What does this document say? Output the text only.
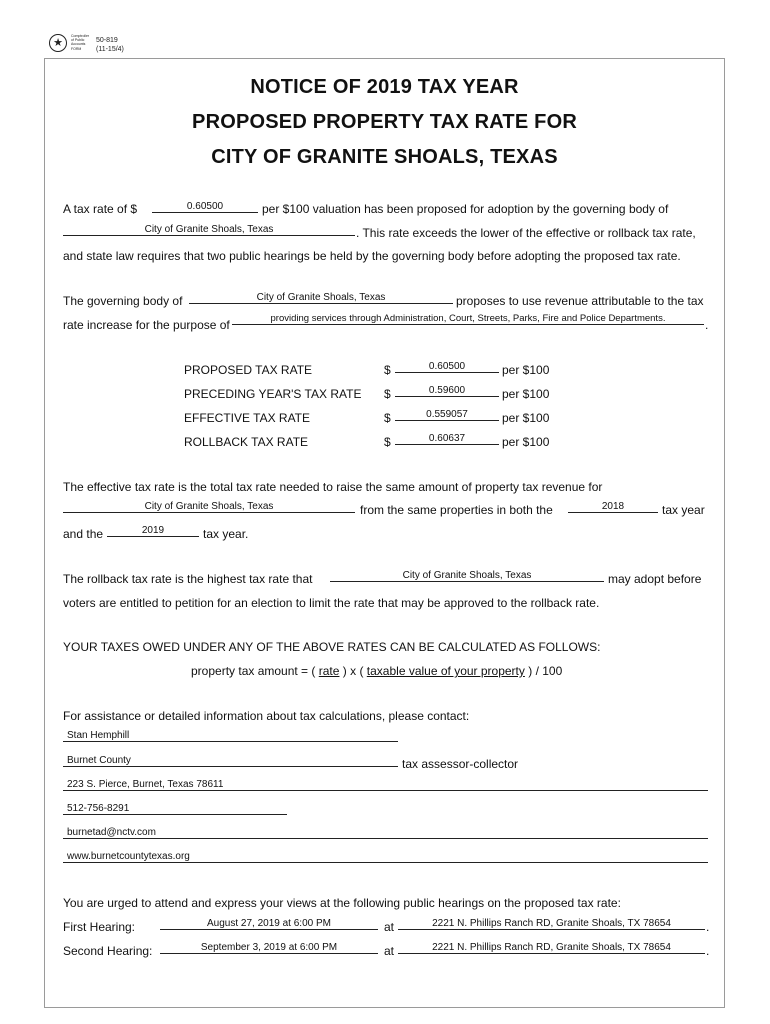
★
Comptroller
of Public
Accounts
FORM
50-819
(11-15/4)
NOTICE OF 2019 TAX YEAR
PROPOSED PROPERTY TAX RATE FOR
CITY OF GRANITE SHOALS, TEXAS
A tax rate of $	0.60500	per $100 valuation has been proposed for adoption by the governing body of
City of Granite Shoals, Texas	. This rate exceeds the lower of the effective or rollback tax rate,
and state law requires that two public hearings be held by the governing body before adopting the proposed tax rate.
The governing body of	City of Granite Shoals, Texas	proposes to use revenue attributable to the tax
rate increase for the purpose of	providing services through Administration, Court, Streets, Parks, Fire and Police Departments.	.
PROPOSED TAX RATE	$	0.60500	per $100
PRECEDING YEAR'S TAX RATE $	0.59600	per $100
EFFECTIVE TAX RATE	$	0.559057	per $100
ROLLBACK TAX RATE	$	0.60637	per $100
The effective tax rate is the total tax rate needed to raise the same amount of property tax revenue for
City of Granite Shoals, Texas	from the same properties in both the	2018	tax year
and the	2019	tax year.
The rollback tax rate is the highest tax rate that	City of Granite Shoals, Texas	may adopt before
voters are entitled to petition for an election to limit the rate that may be approved to the rollback rate.
YOUR TAXES OWED UNDER ANY OF THE ABOVE RATES CAN BE CALCULATED AS FOLLOWS:
property tax amount = ( rate ) x ( taxable value of your property ) / 100
For assistance or detailed information about tax calculations, please contact:
Stan Hemphill
Burnet County	tax assessor-collector
223 S. Pierce, Burnet, Texas 78611
512-756-8291
burnetad@nctv.com
www.burnetcountytexas.org
You are urged to attend and express your views at the following public hearings on the proposed tax rate:
First Hearing:	August 27, 2019 at 6:00 PM	at	2221 N. Phillips Ranch RD, Granite Shoals, TX 78654	.
Second Hearing:	September 3, 2019 at 6:00 PM	at	2221 N. Phillips Ranch RD, Granite Shoals, TX 78654	.
